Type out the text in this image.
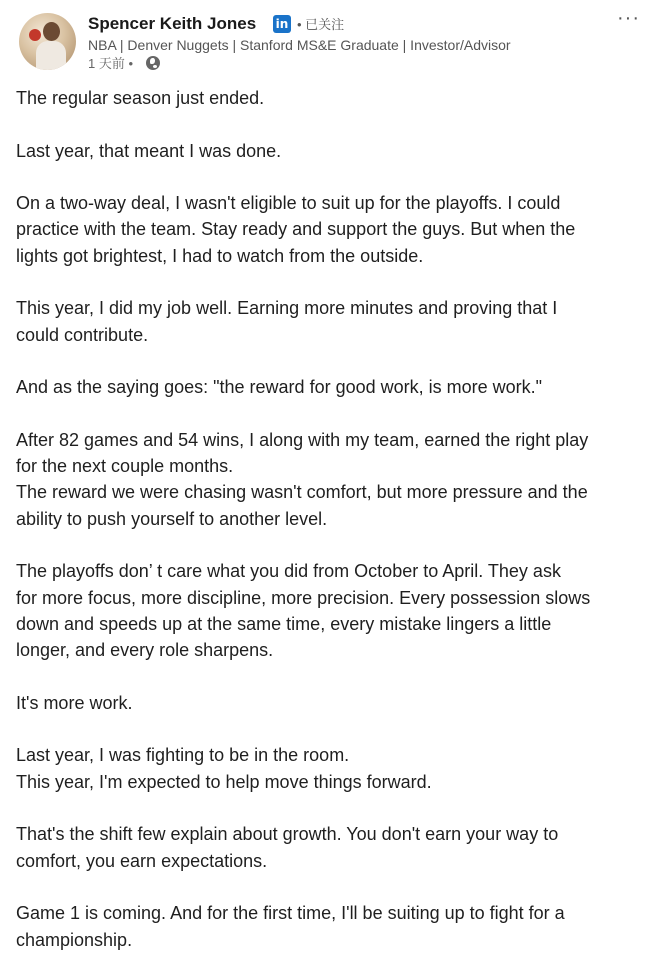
Spencer Keith Jones in • 已关注	···
NBA | Denver Nuggets | Stanford MS&E Graduate | Investor/Advisor
1 天前 •

The regular season just ended.

Last year, that meant I was done.

On a two-way deal, I wasn't eligible to suit up for the playoffs. I could
practice with the team. Stay ready and support the guys. But when the
lights got brightest, I had to watch from the outside.

This year, I did my job well. Earning more minutes and proving that I
could contribute.

And as the saying goes: "the reward for good work, is more work."

After 82 games and 54 wins, I along with my team, earned the right play
for the next couple months.
The reward we were chasing wasn't comfort, but more pressure and the
ability to push yourself to another level.

The playoffs don’ t care what you did from October to April. They ask
for more focus, more discipline, more precision. Every possession slows
down and speeds up at the same time, every mistake lingers a little
longer, and every role sharpens.

It's more work.

Last year, I was fighting to be in the room.
This year, I'm expected to help move things forward.

That's the shift few explain about growth. You don't earn your way to
comfort, you earn expectations.

Game 1 is coming. And for the first time, I'll be suiting up to fight for a
championship.
